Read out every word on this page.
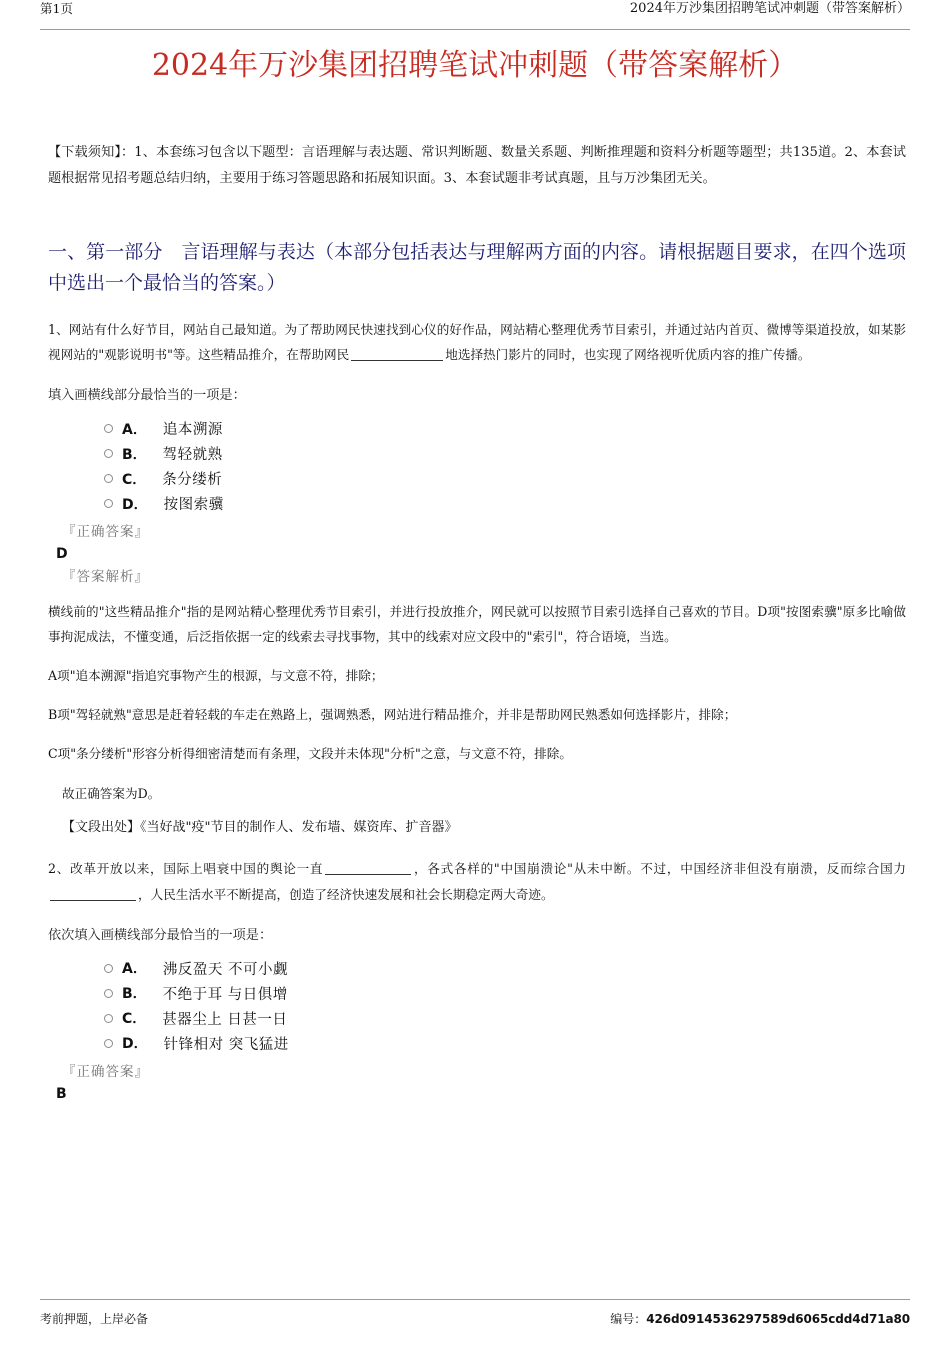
第1页	2024年万沙集团招聘笔试冲刺题（带答案解析）
2024年万沙集团招聘笔试冲刺题（带答案解析）
【下载须知】：1、本套练习包含以下题型：言语理解与表达题、常识判断题、数量关系题、判断推理题和资料分析题等题型；共135道。2、本套试题根据常见招考题总结归纳，主要用于练习答题思路和拓展知识面。3、本套试题非考试真题，且与万沙集团无关。
一、第一部分　言语理解与表达（本部分包括表达与理解两方面的内容。请根据题目要求，在四个选项中选出一个最恰当的答案。）
1、网站有什么好节目，网站自己最知道。为了帮助网民快速找到心仪的好作品，网站精心整理优秀节目索引，并通过站内首页、微博等渠道投放，如某影视网站的"观影说明书"等。这些精品推介，在帮助网民	地选择热门影片的同时，也实现了网络视听优质内容的推广传播。
填入画横线部分最恰当的一项是：
A． 追本溯源
B． 驾轻就熟
C． 条分缕析
D． 按图索骥
『正确答案』
D
『答案解析』
横线前的"这些精品推介"指的是网站精心整理优秀节目索引，并进行投放推介，网民就可以按照节目索引选择自己喜欢的节目。D项"按图索骥"原多比喻做事拘泥成法，不懂变通，后泛指依据一定的线索去寻找事物，其中的线索对应文段中的"索引"，符合语境，当选。
A项"追本溯源"指追究事物产生的根源，与文意不符，排除；
B项"驾轻就熟"意思是赶着轻载的车走在熟路上，强调熟悉，网站进行精品推介，并非是帮助网民熟悉如何选择影片，排除；
C项"条分缕析"形容分析得细密清楚而有条理，文段并未体现"分析"之意，与文意不符，排除。
故正确答案为D。
【文段出处】《当好战"疫"节目的制作人、发布墙、媒资库、扩音器》
2、改革开放以来，国际上唱衰中国的舆论一直	，各式各样的"中国崩溃论"从未中断。不过，中国经济非但没有崩溃，反而综合国力，人民生活水平不断提高，创造了经济快速发展和社会长期稳定两大奇迹。
依次填入画横线部分最恰当的一项是：
A． 沸反盈天 不可小觑
B． 不绝于耳 与日俱增
C． 甚器尘上 日甚一日
D． 针锋相对 突飞猛进
『正确答案』
B
考前押题，上岸必备	编号：426d0914536297589d6065cdd4d71a80
